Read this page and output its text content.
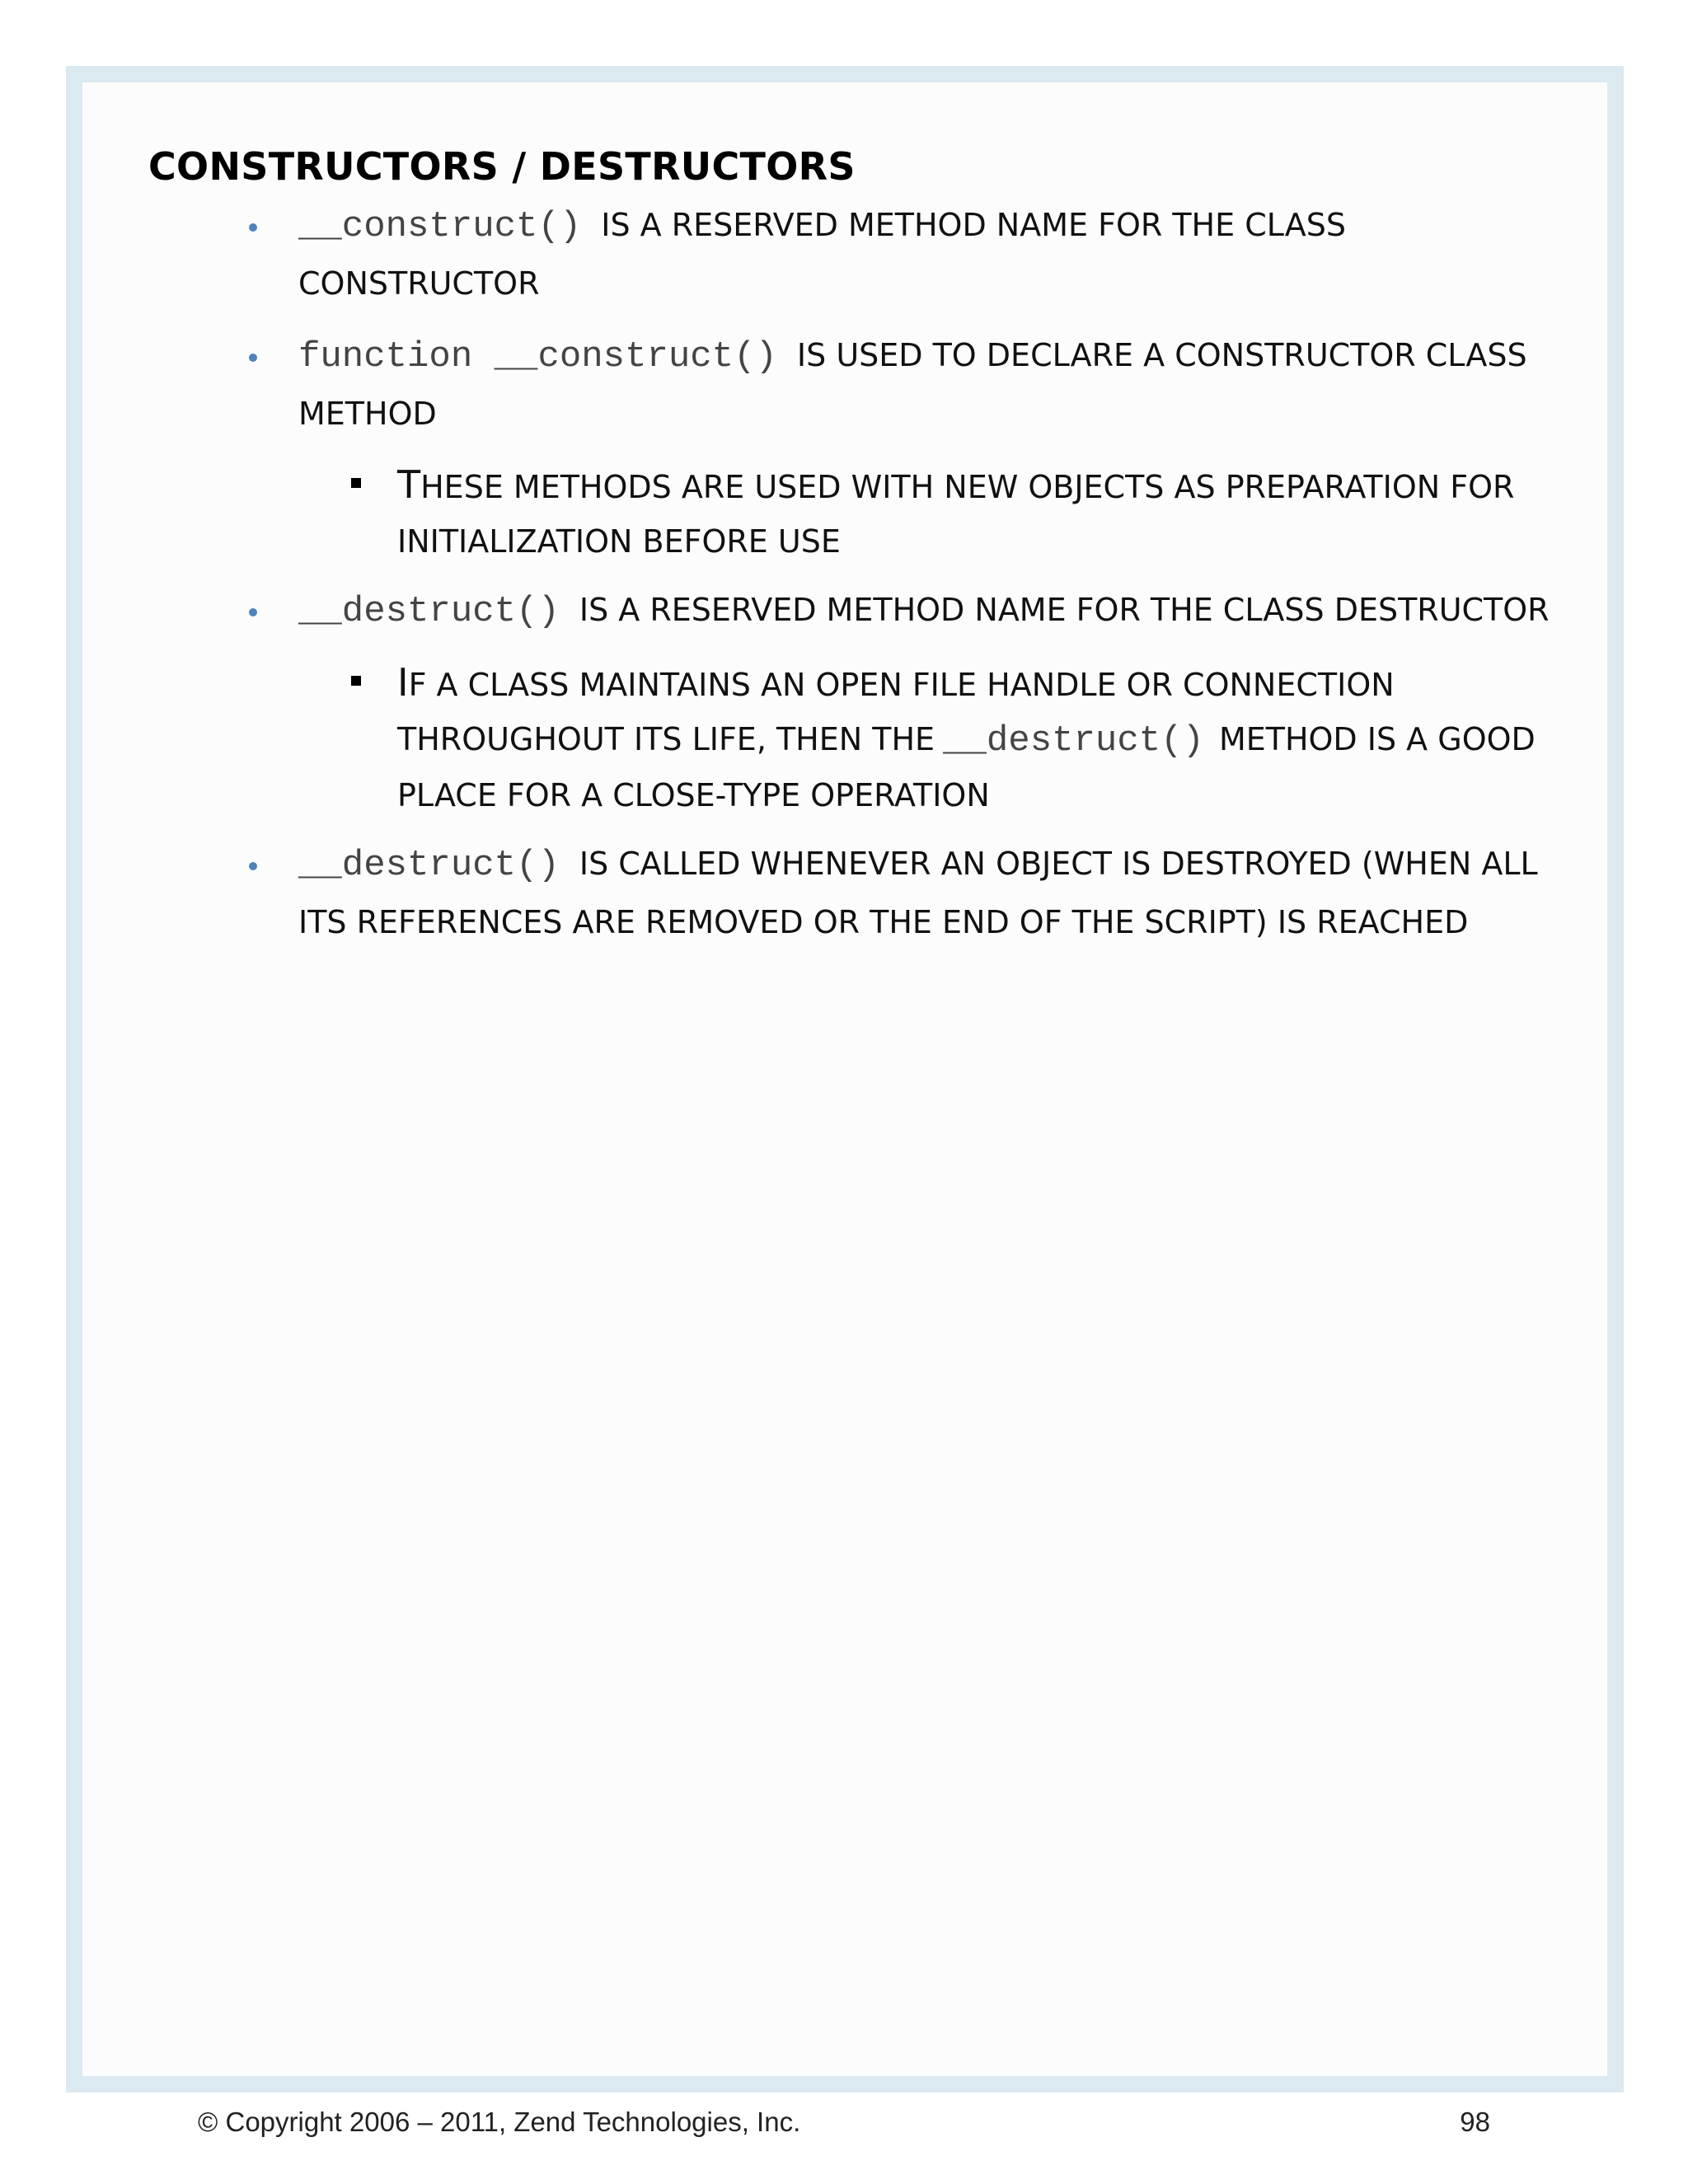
CONSTRUCTORS / DESTRUCTORS
__construct() IS A RESERVED METHOD NAME FOR THE CLASS CONSTRUCTOR
function __construct() IS USED TO DECLARE A CONSTRUCTOR CLASS METHOD
THESE METHODS ARE USED WITH NEW OBJECTS AS PREPARATION FOR INITIALIZATION BEFORE USE
__destruct() IS A RESERVED METHOD NAME FOR THE CLASS DESTRUCTOR
IF A CLASS MAINTAINS AN OPEN FILE HANDLE OR CONNECTION THROUGHOUT ITS LIFE, THEN THE __destruct() METHOD IS A GOOD PLACE FOR A CLOSE-TYPE OPERATION
__destruct() IS CALLED WHENEVER AN OBJECT IS DESTROYED (WHEN ALL ITS REFERENCES ARE REMOVED OR THE END OF THE SCRIPT) IS REACHED
© Copyright 2006 – 2011, Zend Technologies, Inc.	98
